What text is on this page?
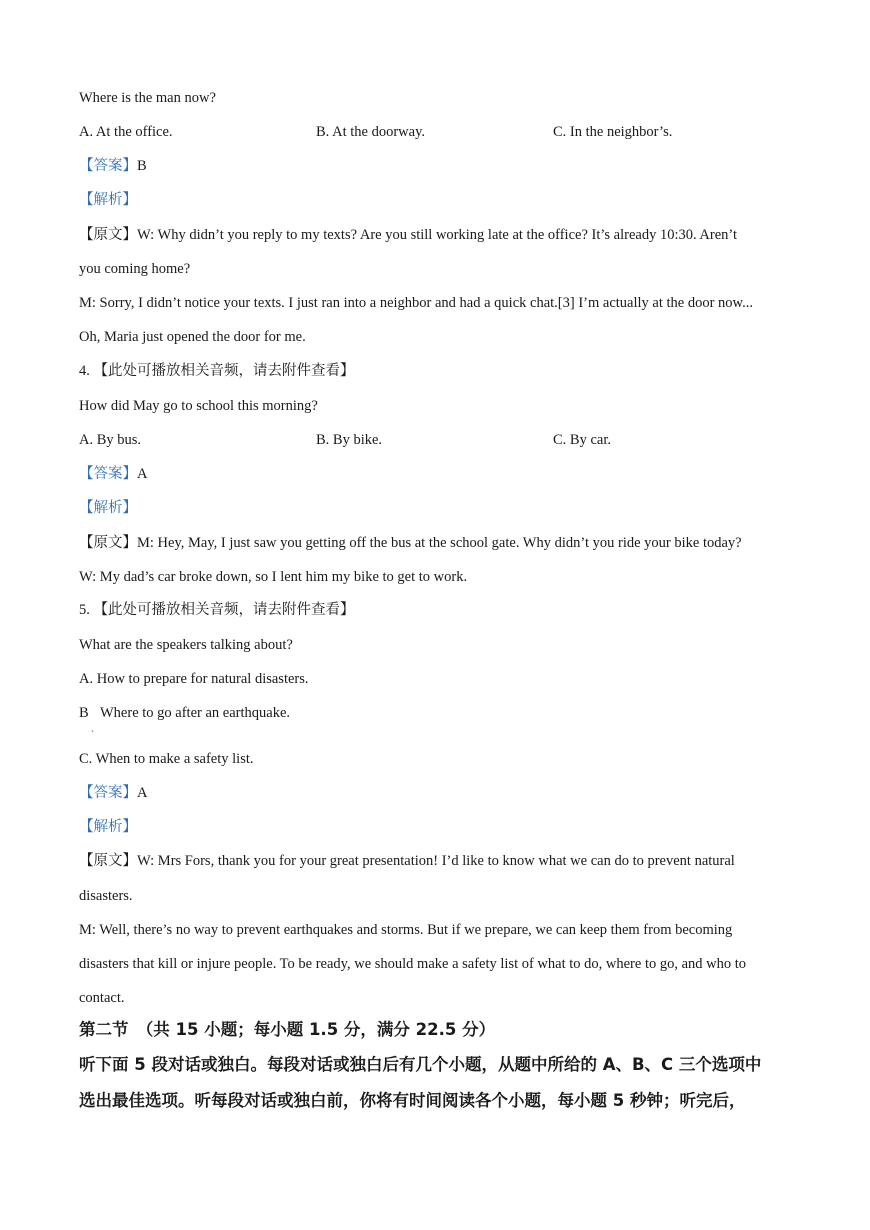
Where is the man now?
A. At the office.	B. At the doorway.	C. In the neighbor’s.
【答案】B
【解析】
【原文】W: Why didn’t you reply to my texts? Are you still working late at the office? It’s already 10:30. Aren’t
you coming home?
M: Sorry, I didn’t notice your texts. I just ran into a neighbor and had a quick chat.[3] I’m actually at the door now...
Oh, Maria just opened the door for me.
4. 【此处可播放相关音频，请去附件查看】
How did May go to school this morning?
A. By bus.	B. By bike.	C. By car.
【答案】A
【解析】
【原文】M: Hey, May, I just saw you getting off the bus at the school gate. Why didn’t you ride your bike today?
W: My dad’s car broke down, so I lent him my bike to get to work.
5. 【此处可播放相关音频，请去附件查看】
What are the speakers talking about?
A. How to prepare for natural disasters.
B
ˎ
Where to go after an earthquake.
C. When to make a safety list.
【答案】A
【解析】
【原文】W: Mrs Fors, thank you for your great presentation! I’d like to know what we can do to prevent natural
disasters.
M: Well, there’s no way to prevent earthquakes and storms. But if we prepare, we can keep them from becoming
disasters that kill or injure people. To be ready, we should make a safety list of what to do, where to go, and who to
contact.
第二节　（共 15 小题；每小题 1.5 分，满分 22.5 分）
听下面 5 段对话或独白。每段对话或独白后有几个小题，从题中所给的 A、B、C 三个选项中
选出最佳选项。听每段对话或独白前，你将有时间阅读各个小题，每小题 5 秒钟；听完后，
